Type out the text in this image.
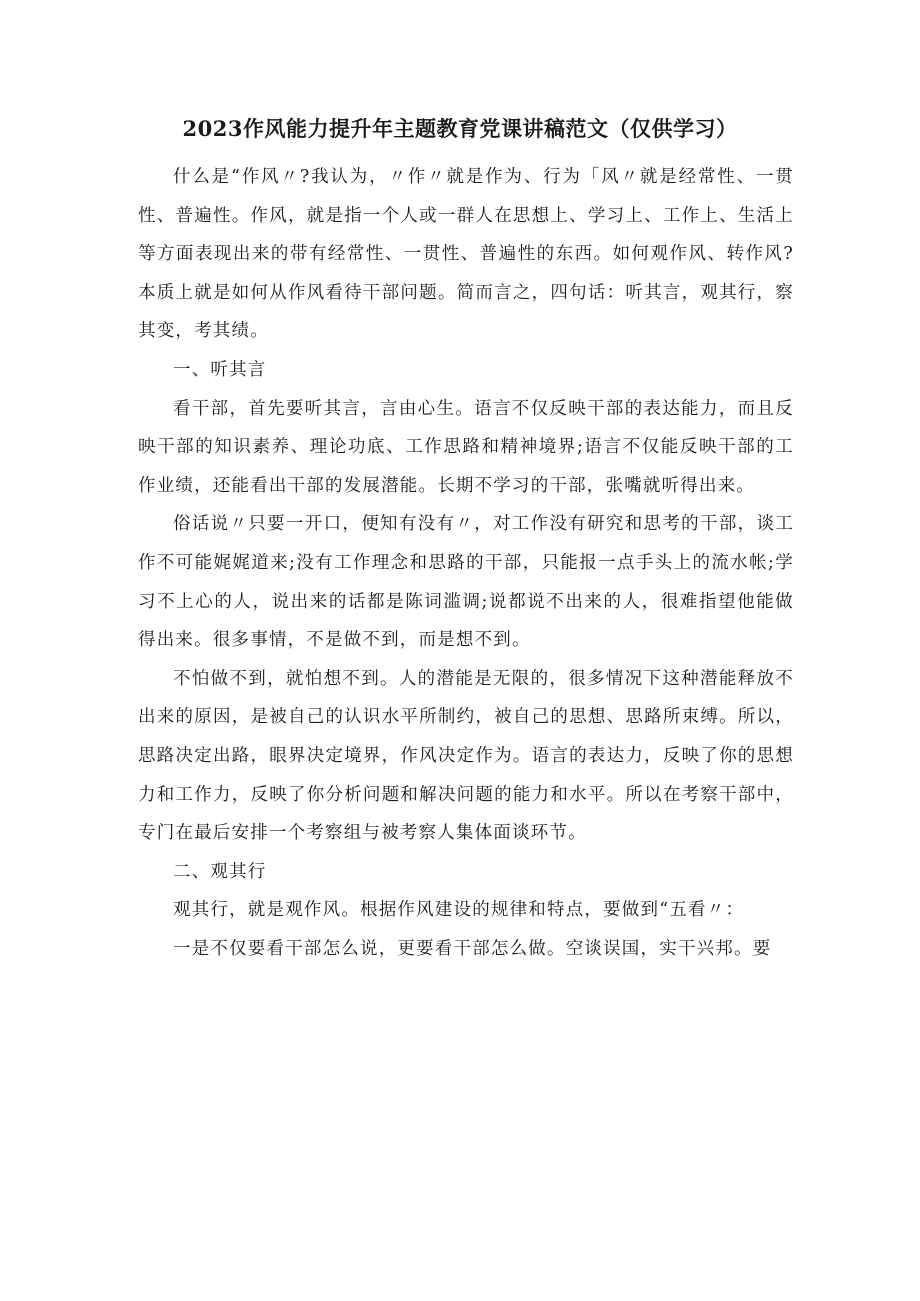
2023作风能力提升年主题教育党课讲稿范文（仅供学习）

什么是“作风〃?我认为，〃作〃就是作为、行为「风〃就是经常性、一贯性、普遍性。作风，就是指一个人或一群人在思想上、学习上、工作上、生活上等方面表现出来的带有经常性、一贯性、普遍性的东西。如何观作风、转作风?本质上就是如何从作风看待干部问题。简而言之，四句话：听其言，观其行，察其变，考其绩。

一、听其言

看干部，首先要听其言，言由心生。语言不仅反映干部的表达能力，而且反映干部的知识素养、理论功底、工作思路和精神境界;语言不仅能反映干部的工作业绩，还能看出干部的发展潜能。长期不学习的干部，张嘴就听得出来。

俗话说〃只要一开口，便知有没有〃，对工作没有研究和思考的干部，谈工作不可能娓娓道来;没有工作理念和思路的干部，只能报一点手头上的流水帐;学习不上心的人，说出来的话都是陈词滥调;说都说不出来的人，很难指望他能做得出来。很多事情，不是做不到，而是想不到。

不怕做不到，就怕想不到。人的潜能是无限的，很多情况下这种潜能释放不出来的原因，是被自己的认识水平所制约，被自己的思想、思路所束缚。所以，思路决定出路，眼界决定境界，作风决定作为。语言的表达力，反映了你的思想力和工作力，反映了你分析问题和解决问题的能力和水平。所以在考察干部中，专门在最后安排一个考察组与被考察人集体面谈环节。

二、观其行

观其行，就是观作风。根据作风建设的规律和特点，要做到“五看〃：

一是不仅要看干部怎么说，更要看干部怎么做。空谈误国，实干兴邦。要
